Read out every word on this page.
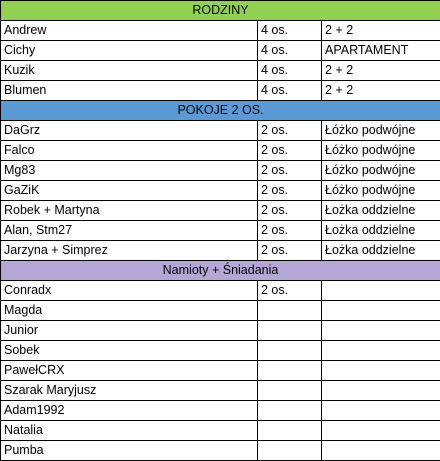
RODZINY		
Andrew	4 os.	2 + 2
Cichy	4 os.	APARTAMENT
Kuzik	4 os.	2 + 2
Blumen	4 os.	2 + 2
POKOJE 2 OS.		
DaGrz	2 os.	Łóżko podwójne
Falco	2 os.	Łóżko podwójne
Mg83	2 os.	Łóżko podwójne
GaZiK	2 os.	Łóżko podwójne
Robek + Martyna	2 os.	Łożka oddzielne
Alan, Stm27	2 os.	Łożka oddzielne
Jarzyna + Simprez	2 os.	Łożka oddzielne
Namioty + Śniadania		
Conradx	2 os.	
Magda		
Junior		
Sobek		
PawełCRX		
Szarak Maryjusz		
Adam1992		
Natalia		
Pumba		
